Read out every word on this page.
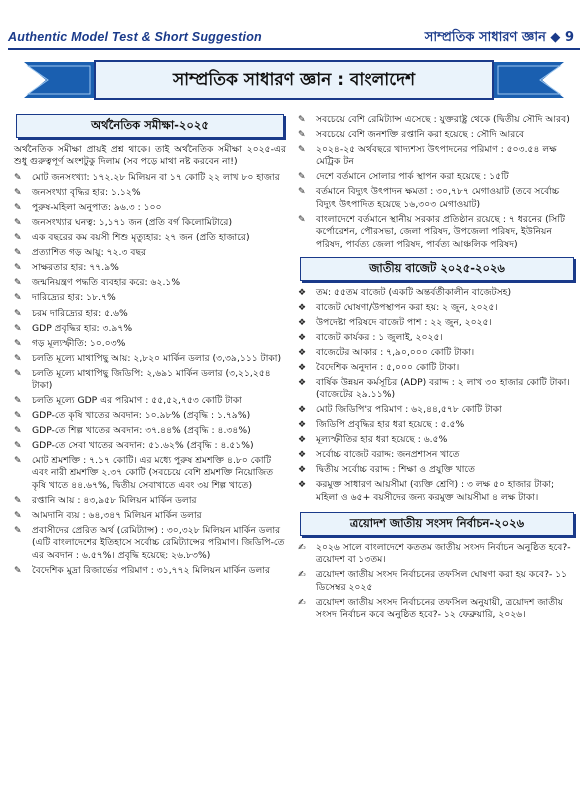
Authentic Model Test & Short Suggestion	সাম্প্রতিক সাধারণ জ্ঞান ◆ 9
সাম্প্রতিক সাধারণ জ্ঞান : বাংলাদেশ
অর্থনৈতিক সমীক্ষা-২০২৫

অর্থনৈতিক সমীক্ষা প্রায়ই প্রশ্ন থাকে। তাই অর্থনৈতিক সমীক্ষা ২০২৫-এর শুধু গুরুত্বপূর্ণ অংশটুকু দিলাম (সব পড়ে মাথা নষ্ট করবেন না!)

✎	মোট জনসংখ্যা: ১৭২.২৮ মিলিয়ন বা ১৭ কোটি ২২ লাখ ৮০ হাজার
✎	জনসংখ্যা বৃদ্ধির হার: ১.১২%
✎	পুরুষ-মহিলা অনুপাত: ৯৬.৩ : ১০০
✎	জনসংখ্যার ঘনত্ব: ১,১৭১ জন (প্রতি বর্গ কিলোমিটারে)
✎	এক বছরের কম বয়সী শিশু মৃত্যুহার: ২৭ জন (প্রতি হাজারে)
✎	প্রত্যাশিত গড় আয়ু: ৭২.৩ বছর
✎	সাক্ষরতার হার: ৭৭.৯%
✎	জন্মনিয়ন্ত্রণ পদ্ধতি ব্যবহার করে: ৬২.১%
✎	দারিদ্র্যের হার: ১৮.৭%
✎	চরম দারিদ্র্যের হার: ৫.৬%
✎	GDP প্রবৃদ্ধির হার: ৩.৯৭%
✎	গড় মূল্যস্ফীতি: ১০.০৩%
✎	চলতি মূল্যে মাথাপিছু আয়: ২,৮২০ মার্কিন ডলার (৩,৩৯,১১১ টাকা)
✎	চলতি মূল্যে মাথাপিছু জিডিপি: ২,৬৯১ মার্কিন ডলার (৩,২১,২৫৪ টাকা)
✎	চলতি মূল্যে GDP এর পরিমাণ : ৫৫,৫২,৭৫৩ কোটি টাকা
✎	GDP-তে কৃষি খাতের অবদান: ১০.৯৮% (প্রবৃদ্ধি : ১.৭৯%)
✎	GDP-তে শিল্প খাতের অবদান: ৩৭.৪৪% (প্রবৃদ্ধি : ৪.৩৪%)
✎	GDP-তে সেবা খাতের অবদান: ৫১.৬২% (প্রবৃদ্ধি : ৪.৫১%)
✎	মোট শ্রমশক্তি : ৭.১৭ কোটি। এর মধ্যে পুরুষ শ্রমশক্তি ৪.৮০ কোটি এবং নারী শ্রমশক্তি ২.৩৭ কোটি (সবচেয়ে বেশি শ্রমশক্তি নিয়োজিত কৃষি খাতে ৪৪.৬৭%, দ্বিতীয় সেবাখাতে এবং ৩য় শিল্প খাতে)
✎	রপ্তানি আয় : ৪৩,৯৫৮ মিলিয়ন মার্কিন ডলার
✎	আমদানি ব্যয় : ৬৪,৩৪৭ মিলিয়ন মার্কিন ডলার
✎	প্রবাসীদের প্রেরিত অর্থ (রেমিট্যান্স) : ৩০,৩২৮ মিলিয়ন মার্কিন ডলার (এটি বাংলাদেশের ইতিহাসে সর্বোচ্চ রেমিট্যান্সের পরিমাণ। জিডিপি-তে এর অবদান : ৬.৫৭%। প্রবৃদ্ধি হয়েছে: ২৬.৮৩%)
✎	বৈদেশিক মুদ্রা রিজার্ভের পরিমাণ : ৩১,৭৭২ মিলিয়ন মার্কিন ডলার
✎	সবচেয়ে বেশি রেমিট্যান্স এসেছে : যুক্তরাষ্ট্র থেকে (দ্বিতীয় সৌদি আরব)
✎	সবচেয়ে বেশি জনশক্তি রপ্তানি করা হয়েছে : সৌদি আরবে
✎	২০২৪-২৫ অর্থবছরে খাদ্যশস্য উৎপাদনের পরিমাণ : ৫০৩.৫৪ লক্ষ মেট্রিক টন
✎	দেশে বর্তমানে সোলার পার্ক স্থাপন করা হয়েছে : ১৫টি
✎	বর্তমানে বিদ্যুৎ উৎপাদন ক্ষমতা : ৩০,৭৮৭ মেগাওয়াট (তবে সর্বোচ্চ বিদ্যুৎ উৎপাদিত হয়েছে ১৬,৩০৩ মেগাওয়াট)
✎	বাংলাদেশে বর্তমানে স্থানীয় সরকার প্রতিষ্ঠান রয়েছে : ৭ ধরনের (সিটি কর্পোরেশন, পৌরসভা, জেলা পরিষদ, উপজেলা পরিষদ, ইউনিয়ন পরিষদ, পার্বত্য জেলা পরিষদ, পার্বত্য আঞ্চলিক পরিষদ)
জাতীয় বাজেট ২০২৫-২০২৬
❖	তম: ৫৫তম বাজেট (একটি অন্তর্বর্তীকালীন বাজেটসহ)
❖	বাজেট ঘোষণা/উপস্থাপন করা হয়: ২ জুন, ২০২৫।
❖	উপদেষ্টা পরিষদে বাজেট পাশ : ২২ জুন, ২০২৫।
❖	বাজেট কার্যকর : ১ জুলাই, ২০২৫।
❖	বাজেটের আকার : ৭,৯০,০০০ কোটি টাকা।
❖	বৈদেশিক অনুদান : ৫,০০০ কোটি টাকা।
❖	বার্ষিক উন্নয়ন কর্মসূচির (ADP) বরাদ্দ : ২ লাখ ৩০ হাজার কোটি টাকা। (বাজেটের ২৯.১১%)
❖	মোট জিডিপি'র পরিমাণ : ৬২,৪৪,৫৭৮ কোটি টাকা
❖	জিডিপি প্রবৃদ্ধির হার ধরা হয়েছে : ৫.৫%
❖	মূল্যস্ফীতির হার ধরা হয়েছে : ৬.৫%
❖	সর্বোচ্চ বাজেট বরাদ্দ: জনপ্রশাসন খাতে
❖	দ্বিতীয় সর্বোচ্চ বরাদ্দ : শিক্ষা ও প্রযুক্তি খাতে
❖	করমুক্ত সাধারণ আয়সীমা (ব্যক্তি শ্রেণি) : ৩ লক্ষ ৫০ হাজার টাকা; মহিলা ও ৬৫+ বয়সীদের জন্য করমুক্ত আয়সীমা ৪ লক্ষ টাকা।
ত্রয়োদশ জাতীয় সংসদ নির্বাচন-২০২৬
✍	২০২৬ সালে বাংলাদেশে কততম জাতীয় সংসদ নির্বাচন অনুষ্ঠিত হবে?- ত্রয়োদশ বা ১৩তম।
✍	ত্রয়োদশ জাতীয় সংসদ নির্বাচনের তফসিল ঘোষণা করা হয় কবে?- ১১ ডিসেম্বর ২০২৫
✍	ত্রয়োদশ জাতীয় সংসদ নির্বাচনের তফসিল অনুযায়ী, ত্রয়োদশ জাতীয় সংসদ নির্বাচন কবে অনুষ্ঠিত হবে?- ১২ ফেব্রুয়ারি, ২০২৬।
